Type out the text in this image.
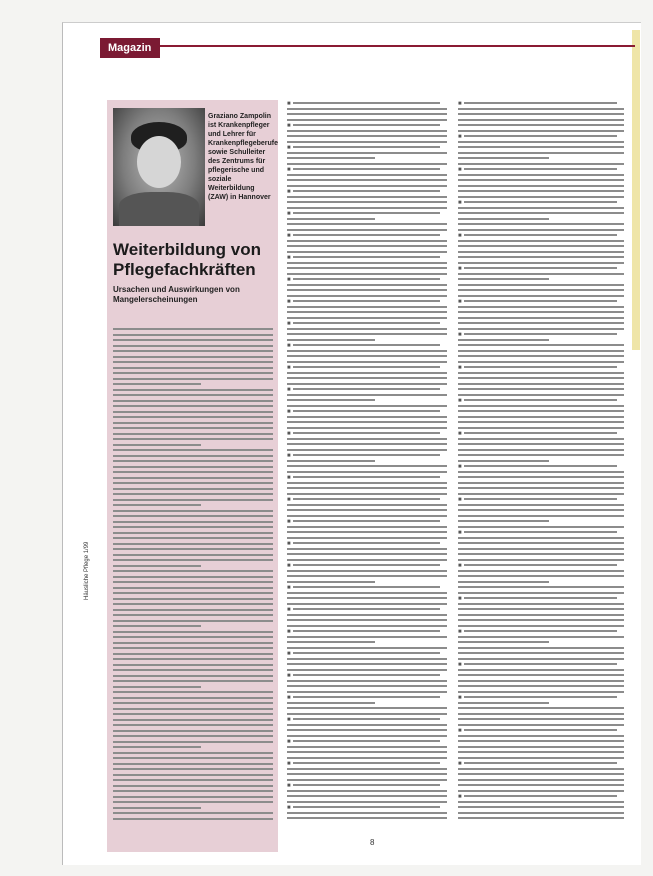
Magazin
Graziano Zampolin ist Krankenpfleger und Lehrer für Krankenpflegeberufe sowie Schulleiter des Zentrums für pflegerische und soziale Weiterbildung (ZAW) in Hannover
Weiterbildung von Pflegefachkräften
Ursachen und Auswirkungen von Mangelerscheinungen
■
■
■
■
■
■
■
■
■
■
■
■
■
■
■
■
■
■
■
■
■
■
■
■
■
■
■
■
■
■
■
■
■
■
■
■
■
■
■
■
■
■
■
■
■
■
■
■
■
■
■
■
■
■
■
Häusliche Pflege 1/99
8
